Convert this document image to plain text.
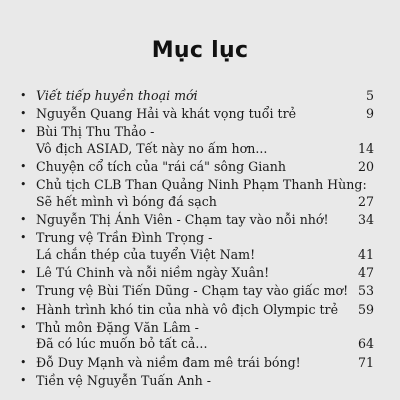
Mục lục
• Viết tiếp huyền thoại mới	5
• Nguyễn Quang Hải và khát vọng tuổi trẻ	9
• Bùi Thị Thu Thảo -
Vô địch ASIAD, Tết này no ấm hơn...	14
• Chuyện cổ tích của "rái cá" sông Gianh	20
• Chủ tịch CLB Than Quảng Ninh Phạm Thanh Hùng:
Sẽ hết mình vì bóng đá sạch	27
• Nguyễn Thị Ánh Viên - Chạm tay vào nỗi nhớ!	34
• Trung vệ Trần Đình Trọng -
Lá chắn thép của tuyển Việt Nam!	41
• Lê Tú Chinh và nỗi niềm ngày Xuân!	47
• Trung vệ Bùi Tiến Dũng - Chạm tay vào giấc mơ! 53
• Hành trình khó tin của nhà vô địch Olympic trẻ	59
• Thủ môn Đặng Văn Lâm -
Đã có lúc muốn bỏ tất cả...	64
• Đỗ Duy Mạnh và niềm đam mê trái bóng!	71
• Tiền vệ Nguyễn Tuấn Anh -
